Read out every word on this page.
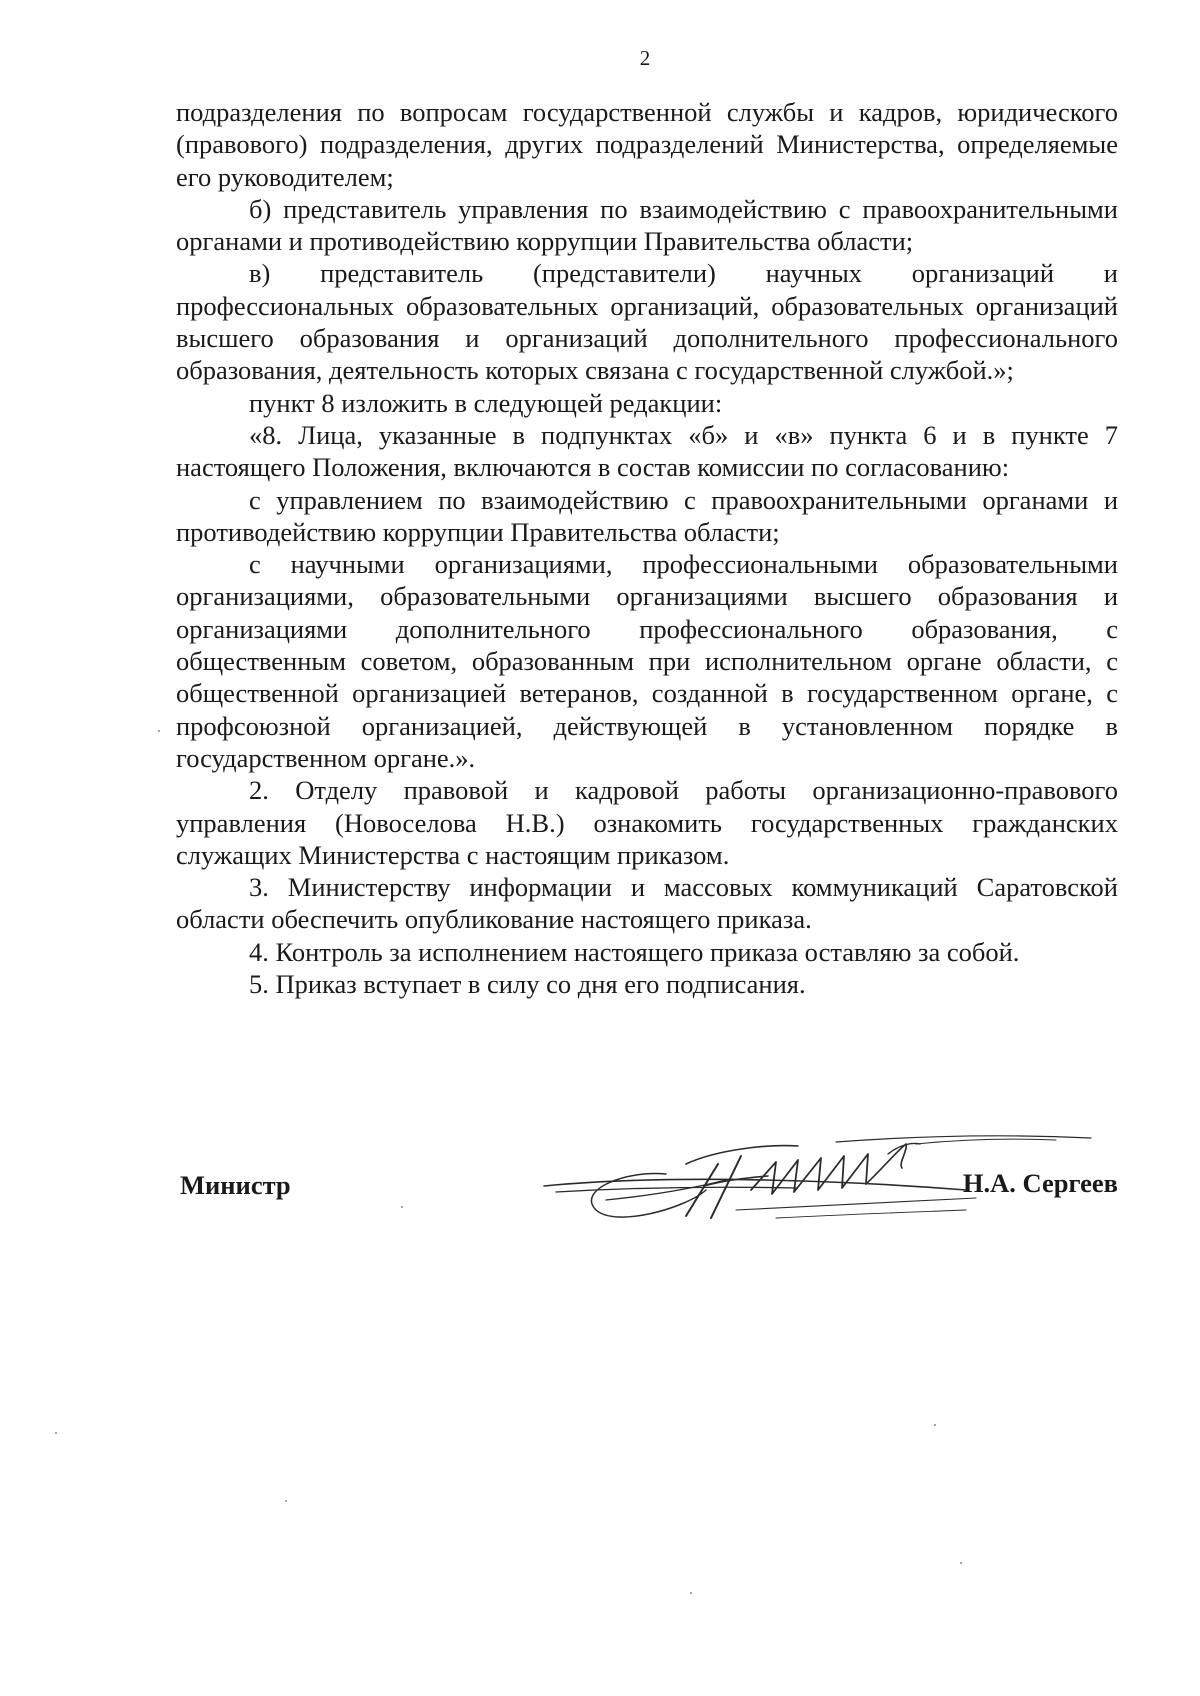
2

подразделения по вопросам государственной службы и кадров, юридического (правового) подразделения, других подразделений Министерства, определяемые его руководителем;

б) представитель управления по взаимодействию с правоохранительными органами и противодействию коррупции Правительства области;

в) представитель (представители) научных организаций и профессиональных образовательных организаций, образовательных организаций высшего образования и организаций дополнительного профессионального образования, деятельность которых связана с государственной службой.»;

пункт 8 изложить в следующей редакции:

«8. Лица, указанные в подпунктах «б» и «в» пункта 6 и в пункте 7 настоящего Положения, включаются в состав комиссии по согласованию:

с управлением по взаимодействию с правоохранительными органами и противодействию коррупции Правительства области;

с научными организациями, профессиональными образовательными организациями, образовательными организациями высшего образования и организациями дополнительного профессионального образования, с общественным советом, образованным при исполнительном органе области, с общественной организацией ветеранов, созданной в государственном органе, с профсоюзной организацией, действующей в установленном порядке в государственном органе.».

2. Отделу правовой и кадровой работы организационно-правового управления (Новоселова Н.В.) ознакомить государственных гражданских служащих Министерства с настоящим приказом.

3. Министерству информации и массовых коммуникаций Саратовской области обеспечить опубликование настоящего приказа.

4. Контроль за исполнением настоящего приказа оставляю за собой.

5. Приказ вступает в силу со дня его подписания.

Министр	Н.А. Сергеев
